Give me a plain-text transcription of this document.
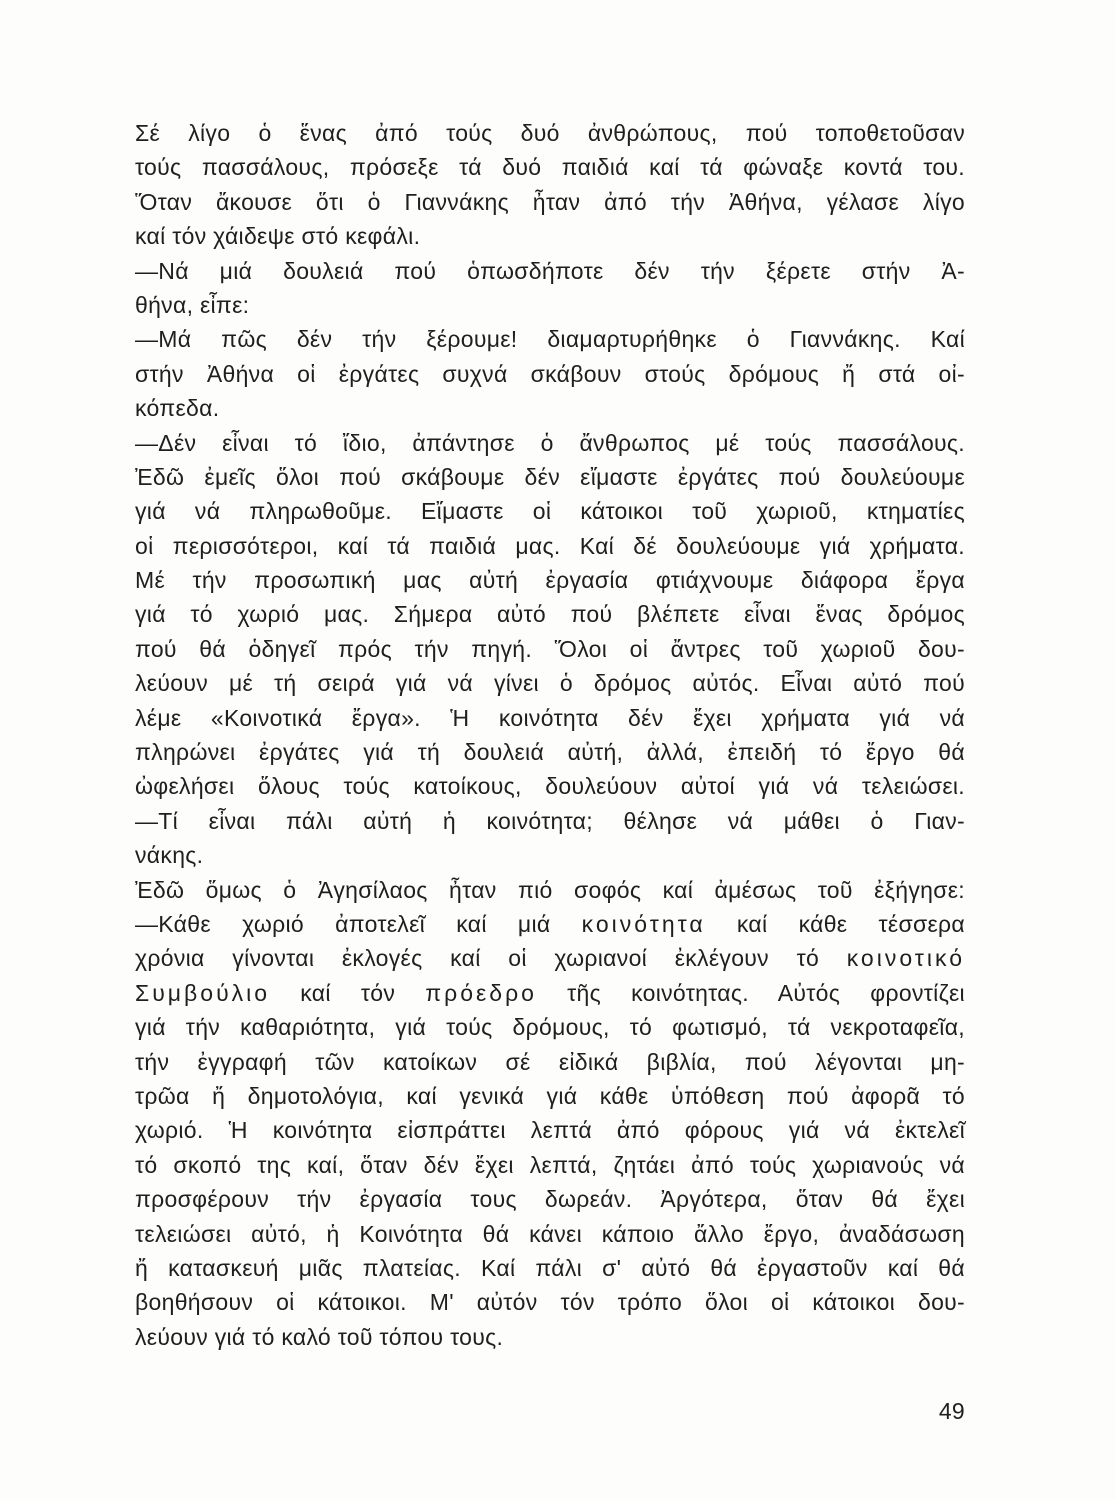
Σέ λίγο ὁ ἕνας ἀπό τούς δυό ἀνθρώπους, πού τοποθετοῦσαν
τούς πασσάλους, πρόσεξε τά δυό παιδιά καί τά φώναξε κοντά του.
Ὅταν ἄκουσε ὅτι ὁ Γιαννάκης ἦταν ἀπό τήν Ἀθήνα, γέλασε λίγο
καί τόν χάιδεψε στό κεφάλι.
—Νά μιά δουλειά πού ὁπωσδήποτε δέν τήν ξέρετε στήν Ἀ-
θήνα, εἶπε:
—Μά πῶς δέν τήν ξέρουμε! διαμαρτυρήθηκε ὁ Γιαννάκης. Καί
στήν Ἀθήνα οἱ ἐργάτες συχνά σκάβουν στούς δρόμους ἤ στά οἰ-
κόπεδα.
—Δέν εἶναι τό ἴδιο, ἀπάντησε ὁ ἄνθρωπος μέ τούς πασσάλους.
Ἐδῶ ἐμεῖς ὅλοι πού σκάβουμε δέν εἴμαστε ἐργάτες πού δουλεύουμε
γιά νά πληρωθοῦμε. Εἴμαστε οἱ κάτοικοι τοῦ χωριοῦ, κτηματίες
οἱ περισσότεροι, καί τά παιδιά μας. Καί δέ δουλεύουμε γιά χρήματα.
Μέ τήν προσωπική μας αὐτή ἐργασία φτιάχνουμε διάφορα ἔργα
γιά τό χωριό μας. Σήμερα αὐτό πού βλέπετε εἶναι ἕνας δρόμος
πού θά ὁδηγεῖ πρός τήν πηγή. Ὅλοι οἱ ἄντρες τοῦ χωριοῦ δου-
λεύουν μέ τή σειρά γιά νά γίνει ὁ δρόμος αὐτός. Εἶναι αὐτό πού
λέμε «Κοινοτικά ἔργα». Ἡ κοινότητα δέν ἔχει χρήματα γιά νά
πληρώνει ἐργάτες γιά τή δουλειά αὐτή, ἀλλά, ἐπειδή τό ἔργο θά
ὠφελήσει ὅλους τούς κατοίκους, δουλεύουν αὐτοί γιά νά τελειώσει.
—Τί εἶναι πάλι αὐτή ἡ κοινότητα; θέλησε νά μάθει ὁ Γιαν-
νάκης.
Ἐδῶ ὅμως ὁ Ἀγησίλαος ἦταν πιό σοφός καί ἀμέσως τοῦ ἐξήγησε:
—Κάθε χωριό ἀποτελεῖ καί μιά κοινότητα καί κάθε τέσσερα
χρόνια γίνονται ἐκλογές καί οἱ χωριανοί ἐκλέγουν τό κοινοτικό
Συμβούλιο καί τόν πρόεδρο τῆς κοινότητας. Αὐτός φροντίζει
γιά τήν καθαριότητα, γιά τούς δρόμους, τό φωτισμό, τά νεκροταφεῖα,
τήν ἐγγραφή τῶν κατοίκων σέ εἰδικά βιβλία, πού λέγονται μη-
τρῶα ἤ δημοτολόγια, καί γενικά γιά κάθε ὑπόθεση πού ἀφορᾶ τό
χωριό. Ἡ κοινότητα εἰσπράττει λεπτά ἀπό φόρους γιά νά ἐκτελεῖ
τό σκοπό της καί, ὅταν δέν ἔχει λεπτά, ζητάει ἀπό τούς χωριανούς νά
προσφέρουν τήν ἐργασία τους δωρεάν. Ἀργότερα, ὅταν θά ἔχει
τελειώσει αὐτό, ἡ Κοινότητα θά κάνει κάποιο ἄλλο ἔργο, ἀναδάσωση
ἤ κατασκευή μιᾶς πλατείας. Καί πάλι σ' αὐτό θά ἐργαστοῦν καί θά
βοηθήσουν οἱ κάτοικοι. Μ' αὐτόν τόν τρόπο ὅλοι οἱ κάτοικοι δου-
λεύουν γιά τό καλό τοῦ τόπου τους.
49
